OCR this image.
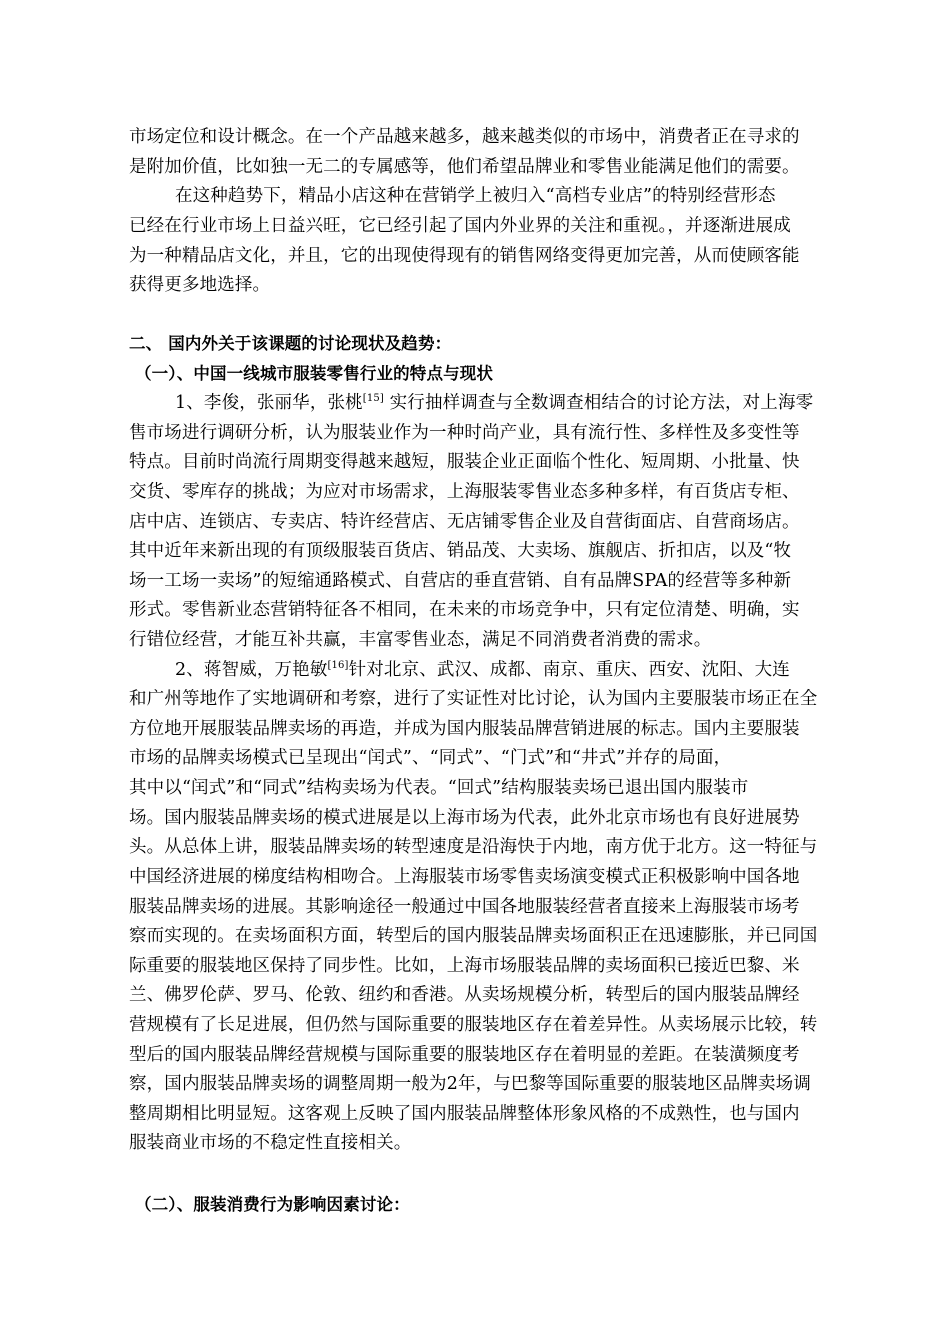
市场定位和设计概念。在一个产品越来越多，越来越类似的市场中，消费者正在寻求的
是附加价值，比如独一无二的专属感等，他们希望品牌业和零售业能满足他们的需要。
在这种趋势下，精品小店这种在营销学上被归入“高档专业店”的特别经营形态
已经在行业市场上日益兴旺，它已经引起了国内外业界的关注和重视。，并逐渐进展成
为一种精品店文化，并且，它的出现使得现有的销售网络变得更加完善，从而使顾客能
获得更多地选择。
二、 国内外关于该课题的讨论现状及趋势：
（一）、中国一线城市服装零售行业的特点与现状
1、李俊，张丽华，张桃[15] 实行抽样调查与全数调查相结合的讨论方法，对上海零
售市场进行调研分析，认为服装业作为一种时尚产业，具有流行性、多样性及多变性等
特点。目前时尚流行周期变得越来越短，服装企业正面临个性化、短周期、小批量、快
交货、零库存的挑战；为应对市场需求，上海服装零售业态多种多样，有百货店专柜、
店中店、连锁店、专卖店、特许经营店、无店铺零售企业及自营街面店、自营商场店。
其中近年来新出现的有顶级服装百货店、销品茂、大卖场、旗舰店、折扣店，以及“牧
场一工场一卖场”的短缩通路模式、自营店的垂直营销、自有品牌SPA的经营等多种新
形式。零售新业态营销特征各不相同，在未来的市场竞争中，只有定位清楚、明确，实
行错位经营，才能互补共赢，丰富零售业态，满足不同消费者消费的需求。
2、蒋智威，万艳敏[16]针对北京、武汉、成都、南京、重庆、西安、沈阳、大连
和广州等地作了实地调研和考察，进行了实证性对比讨论，认为国内主要服装市场正在全
方位地开展服装品牌卖场的再造，并成为国内服装品牌营销进展的标志。国内主要服装
市场的品牌卖场模式已呈现出“闰式”、“同式”、“门式”和“井式”并存的局面，
其中以“闰式”和“同式”结构卖场为代表。“回式”结构服装卖场已退出国内服装市
场。国内服装品牌卖场的模式进展是以上海市场为代表，此外北京市场也有良好进展势
头。从总体上讲，服装品牌卖场的转型速度是沿海快于内地，南方优于北方。这一特征与
中国经济进展的梯度结构相吻合。上海服装市场零售卖场演变模式正积极影响中国各地
服装品牌卖场的进展。其影响途径一般通过中国各地服装经营者直接来上海服装市场考
察而实现的。在卖场面积方面，转型后的国内服装品牌卖场面积正在迅速膨胀，并已同国
际重要的服装地区保持了同步性。比如，上海市场服装品牌的卖场面积已接近巴黎、米
兰、佛罗伦萨、罗马、伦敦、纽约和香港。从卖场规模分析，转型后的国内服装品牌经
营规模有了长足进展，但仍然与国际重要的服装地区存在着差异性。从卖场展示比较，转
型后的国内服装品牌经营规模与国际重要的服装地区存在着明显的差距。在装潢频度考
察，国内服装品牌卖场的调整周期一般为2年，与巴黎等国际重要的服装地区品牌卖场调
整周期相比明显短。这客观上反映了国内服装品牌整体形象风格的不成熟性，也与国内
服装商业市场的不稳定性直接相关。
（二）、服装消费行为影响因素讨论：
